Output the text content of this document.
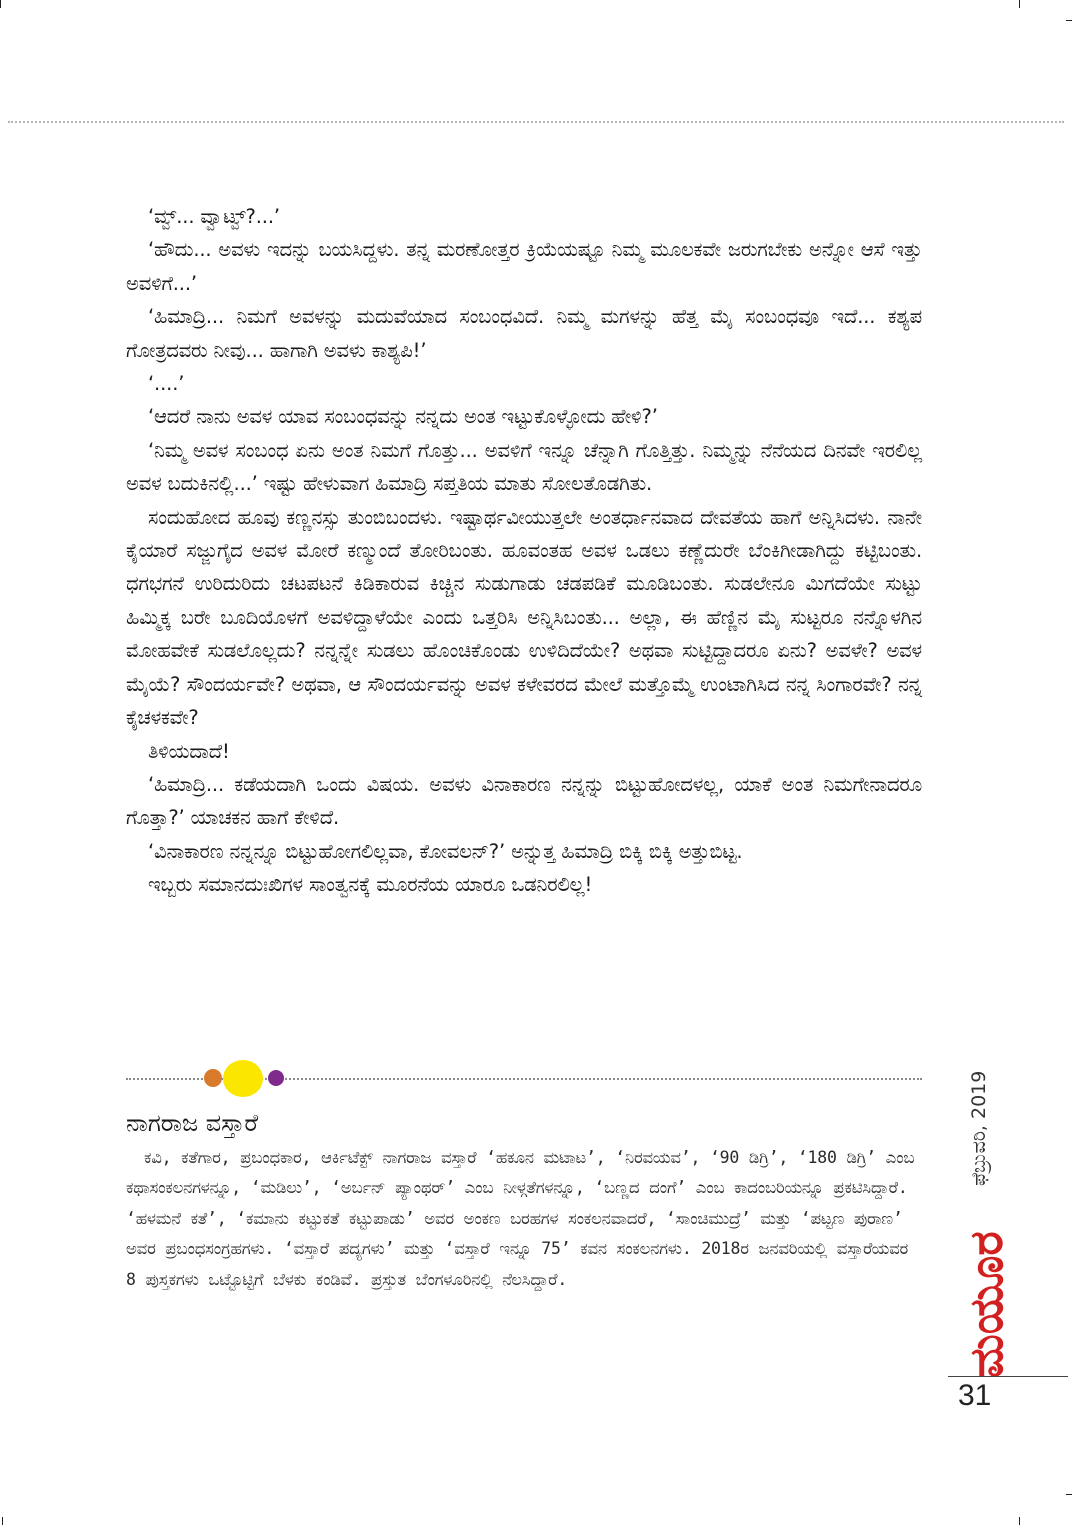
‘ವ್ವ್... ವ್ವಾಟ್ವ್?...’

‘ಹೌದು... ಅವಳು ಇದನ್ನು ಬಯಸಿದ್ದಳು. ತನ್ನ ಮರಣೋತ್ತರ ಕ್ರಿಯೆಯಷ್ಟೂ ನಿಮ್ಮ ಮೂಲಕವೇ ಜರುಗಬೇಕು ಅನ್ನೋ ಆಸೆ ಇತ್ತು ಅವಳಿಗೆ...’

‘ಹಿಮಾದ್ರಿ... ನಿಮಗೆ ಅವಳನ್ನು ಮದುವೆಯಾದ ಸಂಬಂಧವಿದೆ. ನಿಮ್ಮ ಮಗಳನ್ನು ಹೆತ್ತ ಮೈ ಸಂಬಂಧವೂ ಇದೆ... ಕಶ್ಯಪ ಗೋತ್ರದವರು ನೀವು... ಹಾಗಾಗಿ ಅವಳು ಕಾಶ್ಯಪಿ!’

‘....’

‘ಆದರೆ ನಾನು ಅವಳ ಯಾವ ಸಂಬಂಧವನ್ನು ನನ್ನದು ಅಂತ ಇಟ್ಟುಕೊಳ್ಳೋದು ಹೇಳಿ?’

‘ನಿಮ್ಮ ಅವಳ ಸಂಬಂಧ ಏನು ಅಂತ ನಿಮಗೆ ಗೊತ್ತು... ಅವಳಿಗೆ ಇನ್ನೂ ಚೆನ್ನಾಗಿ ಗೊತ್ತಿತ್ತು. ನಿಮ್ಮನ್ನು ನೆನೆಯದ ದಿನವೇ ಇರಲಿಲ್ಲ ಅವಳ ಬದುಕಿನಲ್ಲಿ...’ ಇಷ್ಟು ಹೇಳುವಾಗ ಹಿಮಾದ್ರಿ ಸಪ್ತತಿಯ ಮಾತು ಸೋಲತೊಡಗಿತು.

ಸಂದುಹೋದ ಹೂವು ಕಣ್ಣನಸ್ಸು ತುಂಬಿಬಂದಳು. ಇಷ್ಟಾರ್ಥವೀಯುತ್ತಲೇ ಅಂತರ್ಧಾನವಾದ ದೇವತೆಯ ಹಾಗೆ ಅನ್ನಿಸಿದಳು. ನಾನೇ ಕೈಯಾರೆ ಸಜ್ಜುಗೈದ ಅವಳ ಮೋರೆ ಕಣ್ಮುಂದೆ ತೋರಿಬಂತು. ಹೂವಂತಹ ಅವಳ ಒಡಲು ಕಣ್ಣೆದುರೇ ಬೆಂಕಿಗೀಡಾಗಿದ್ದು ಕಟ್ಟಿಬಂತು. ಧಗಭಗನೆ ಉರಿದುರಿದು ಚಟಪಟನೆ ಕಿಡಿಕಾರುವ ಕಿಚ್ಚಿನ ಸುಡುಗಾಡು ಚಡಪಡಿಕೆ ಮೂಡಿಬಂತು. ಸುಡಲೇನೂ ಮಿಗದೆಯೇ ಸುಟ್ಟು ಹಿಮ್ಮಿಕ್ಕ ಬರೇ ಬೂದಿಯೊಳಗೆ ಅವಳಿದ್ದಾಳೆಯೇ ಎಂದು ಒತ್ತರಿಸಿ ಅನ್ನಿಸಿಬಂತು... ಅಲ್ಲಾ, ಈ ಹೆಣ್ಣಿನ ಮೈ ಸುಟ್ಟರೂ ನನ್ನೊಳಗಿನ ಮೋಹವೇಕೆ ಸುಡಲೊಲ್ಲದು? ನನ್ನನ್ನೇ ಸುಡಲು ಹೊಂಚಿಕೊಂಡು ಉಳಿದಿದೆಯೇ? ಅಥವಾ ಸುಟ್ಟಿದ್ದಾದರೂ ಏನು? ಅವಳೇ? ಅವಳ ಮೈಯೆ? ಸೌಂದರ್ಯವೇ? ಅಥವಾ, ಆ ಸೌಂದರ್ಯವನ್ನು ಅವಳ ಕಳೇವರದ ಮೇಲೆ ಮತ್ತೊಮ್ಮೆ ಉಂಟಾಗಿಸಿದ ನನ್ನ ಸಿಂಗಾರವೇ? ನನ್ನ ಕೈಚಳಕವೇ?

ತಿಳಿಯದಾದೆ!

‘ಹಿಮಾದ್ರಿ... ಕಡೆಯದಾಗಿ ಒಂದು ವಿಷಯ. ಅವಳು ವಿನಾಕಾರಣ ನನ್ನನ್ನು ಬಿಟ್ಟುಹೋದಳಲ್ಲ, ಯಾಕೆ ಅಂತ ನಿಮಗೇನಾದರೂ ಗೊತ್ತಾ?’ ಯಾಚಕನ ಹಾಗೆ ಕೇಳಿದೆ.

‘ವಿನಾಕಾರಣ ನನ್ನನ್ನೂ ಬಿಟ್ಟುಹೋಗಲಿಲ್ಲವಾ, ಕೋವಲನ್?’ ಅನ್ನುತ್ತ ಹಿಮಾದ್ರಿ ಬಿಕ್ಕಿ ಬಿಕ್ಕಿ ಅತ್ತುಬಿಟ್ಟ.

ಇಬ್ಬರು ಸಮಾನದುಃಖಿಗಳ ಸಾಂತ್ವನಕ್ಕೆ ಮೂರನೆಯ ಯಾರೂ ಒಡನಿರಲಿಲ್ಲ!

ನಾಗರಾಜ ವಸ್ತಾರೆ

ಕವಿ, ಕತೆಗಾರ, ಪ್ರಬಂಧಕಾರ, ಆರ್ಕಿಟೆಕ್ಟ್ ನಾಗರಾಜ ವಸ್ತಾರೆ ‘ಹಕೂನ ಮಟಾಟ’, ‘ನಿರವಯವ’, ‘90 ಡಿಗ್ರಿ’, ‘180 ಡಿಗ್ರಿ’ ಎಂಬ ಕಥಾಸಂಕಲನಗಳನ್ನೂ, ‘ಮಡಿಲು’, ‘ಅರ್ಬನ್ ಪ್ಯಾಂಥರ್’ ಎಂಬ ನೀಳ್ಗತೆಗಳನ್ನೂ, ‘ಬಣ್ಣದ ದಂಗೆ’ ಎಂಬ ಕಾದಂಬರಿಯನ್ನೂ ಪ್ರಕಟಿಸಿದ್ದಾರೆ. ‘ಹಳಮನೆ ಕತೆ’, ‘ಕಮಾನು ಕಟ್ಟುಕತೆ ಕಟ್ಟುಪಾಡು’ ಅವರ ಅಂಕಣ ಬರಹಗಳ ಸಂಕಲನವಾದರೆ, ‘ಸಾಂಚಿಮುದ್ರೆ’ ಮತ್ತು ‘ಪಟ್ಟಣ ಪುರಾಣ’ ಅವರ ಪ್ರಬಂಧಸಂಗ್ರಹಗಳು. ‘ವಸ್ತಾರೆ ಪದ್ಯಗಳು’ ಮತ್ತು ‘ವಸ್ತಾರೆ ಇನ್ನೂ 75’ ಕವನ ಸಂಕಲನಗಳು. 2018ರ ಜನವರಿಯಲ್ಲಿ ವಸ್ತಾರೆಯವರ 8 ಪುಸ್ತಕಗಳು ಒಟ್ಟೊಟ್ಟಿಗೆ ಬೆಳಕು ಕಂಡಿವೆ. ಪ್ರಸ್ತುತ ಬೆಂಗಳೂರಿನಲ್ಲಿ ನೆಲಸಿದ್ದಾರೆ.

ಫೆಬ್ರುವರಿ, 2019
ಮಯೂರ
31
